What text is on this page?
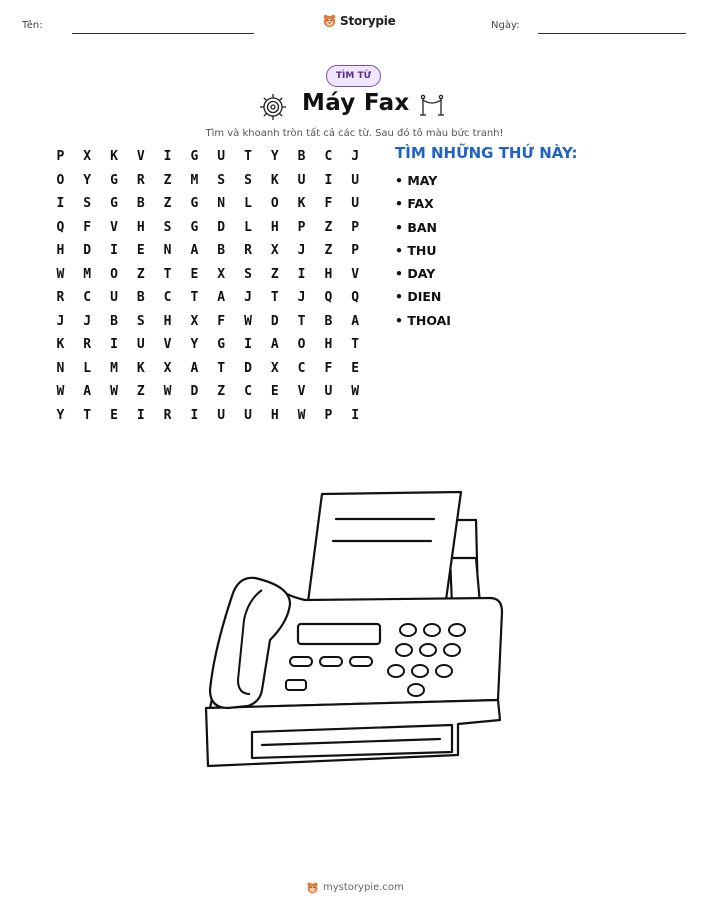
Tên:	Storypie	Ngày:
TÌM TỪ
Máy Fax
Tìm và khoanh tròn tất cả các từ. Sau đó tô màu bức tranh!
P	X	K	V	I	G	U	T	Y	B	C	J
O	Y	G	R	Z	M	S	S	K	U	I	U
I	S	G	B	Z	G	N	L	O	K	F	U
Q	F	V	H	S	G	D	L	H	P	Z	P
H	D	I	E	N	A	B	R	X	J	Z	P
W	M	O	Z	T	E	X	S	Z	I	H	V
R	C	U	B	C	T	A	J	T	J	Q	Q
J	J	B	S	H	X	F	W	D	T	B	A
K	R	I	U	V	Y	G	I	A	O	H	T
N	L	M	K	X	A	T	D	X	C	F	E
W	A	W	Z	W	D	Z	C	E	V	U	W
Y	T	E	I	R	I	U	U	H	W	P	I
TÌM NHỮNG THỨ NÀY:
• MAY
• FAX
• BAN
• THU
• DAY
• DIEN
• THOAI
mystorypie.com
